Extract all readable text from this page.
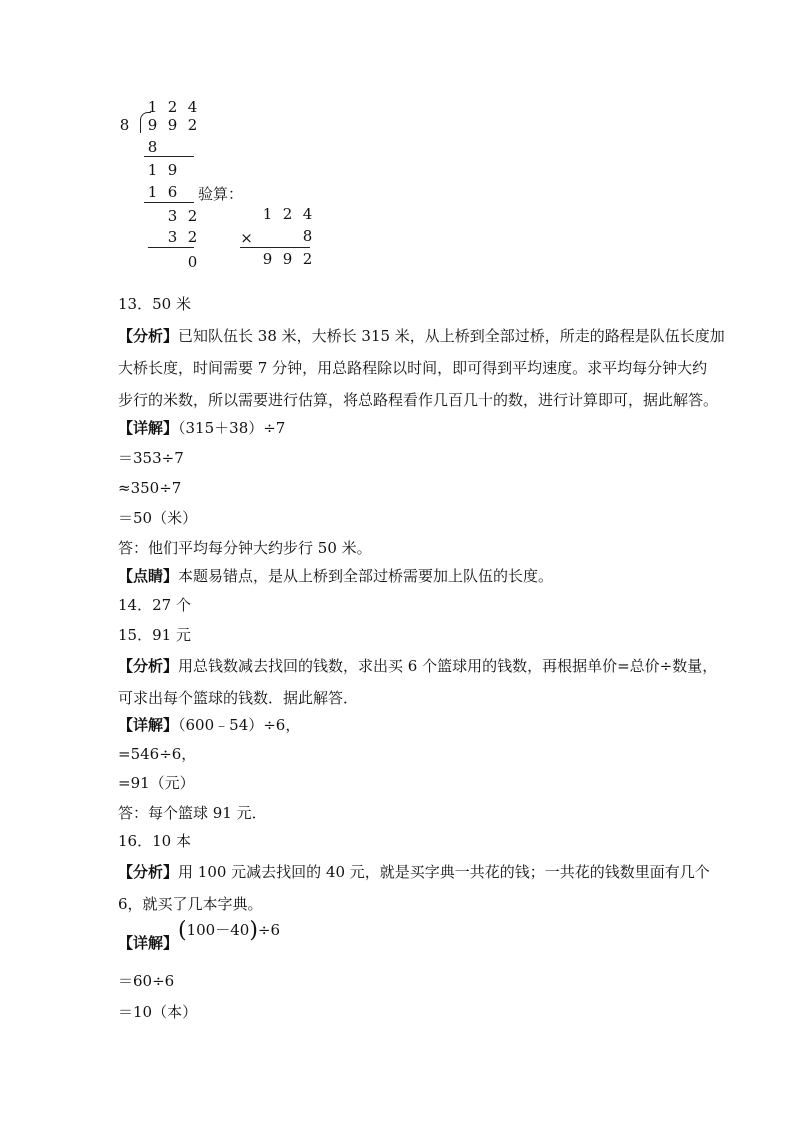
1 2 4
8 9 9 2
8
1 9
1 6 验算：
3 2
3 2
0
1 2 4
×	8
9 9 2
13．50 米
【分析】已知队伍长 38 米，大桥长 315 米，从上桥到全部过桥，所走的路程是队伍长度加
大桥长度，时间需要 7 分钟，用总路程除以时间，即可得到平均速度。求平均每分钟大约
步行的米数，所以需要进行估算，将总路程看作几百几十的数，进行计算即可，据此解答。
【详解】（315＋38）÷7
＝353÷7
≈350÷7
＝50（米）
答：他们平均每分钟大约步行 50 米。
【点睛】本题易错点，是从上桥到全部过桥需要加上队伍的长度。
14．27 个
15．91 元
【分析】用总钱数减去找回的钱数，求出买 6 个篮球用的钱数，再根据单价=总价÷数量，
可求出每个篮球的钱数．据此解答．
【详解】（600﹣54）÷6，
=546÷6，
=91（元）
答：每个篮球 91 元．
16．10 本
【分析】用 100 元减去找回的 40 元，就是买字典一共花的钱；一共花的钱数里面有几个
6，就买了几本字典。
【详解】 (100－40)÷6
＝60÷6
＝10（本）
